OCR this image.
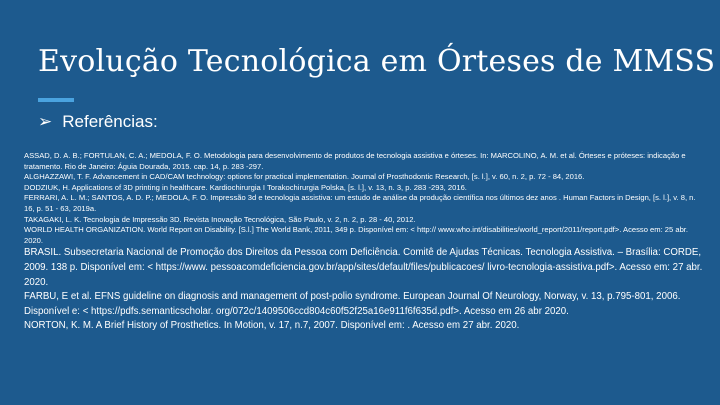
Evolução Tecnológica em Órteses de MMSS
➢ Referências:

ASSAD, D. A. B.; FORTULAN, C. A.; MEDOLA, F. O. Metodologia para desenvolvimento de produtos de tecnologia assistiva e órteses. In: MARCOLINO, A. M. et al. Órteses e próteses: indicação e tratamento. Rio de Janeiro: Águia Dourada, 2015. cap. 14, p. 283 -297.

ALGHAZZAWI, T. F. Advancement in CAD/CAM technology: options for practical implementation. Journal of Prosthodontic Research, [s. l.], v. 60, n. 2, p. 72 - 84, 2016.

DODZIUK, H. Applications of 3D printing in healthcare. Kardiochirurgia I Torakochirurgia Polska, [s. l.], v. 13, n. 3, p. 283 -293, 2016.

FERRARI, A. L. M.; SANTOS, A. D. P.; MEDOLA, F. O. Impressão 3d e tecnologia assistiva: um estudo de análise da produção científica nos últimos dez anos . Human Factors in Design, [s. l.], v. 8, n. 16, p. 51 - 63, 2019a.

TAKAGAKI, L. K. Tecnologia de Impressão 3D. Revista Inovação Tecnológica, São Paulo, v. 2, n. 2, p. 28 - 40, 2012.

WORLD HEALTH ORGANIZATION. World Report on Disability. [S.l.] The World Bank, 2011, 349 p. Disponível em: < http:// www.who.int/disabilities/world_report/2011/report.pdf>. Acesso em: 25 abr. 2020.

BRASIL. Subsecretaria Nacional de Promoção dos Direitos da Pessoa com Deficiência. Comitê de Ajudas Técnicas. Tecnologia Assistiva. – Brasília: CORDE, 2009. 138 p. Disponível em: < https://www. pessoacomdeficiencia.gov.br/app/sites/default/files/publicacoes/ livro-tecnologia-assistiva.pdf>. Acesso em: 27 abr. 2020.

FARBU, E et al. EFNS guideline on diagnosis and management of post-polio syndrome. European Journal Of Neurology, Norway, v. 13, p.795-801, 2006. Disponível e: < https://pdfs.semanticscholar. org/072c/1409506ccd804c60f52f25a16e911f6f635d.pdf>. Acesso em 26 abr 2020.

NORTON, K. M. A Brief History of Prosthetics. In Motion, v. 17, n.7, 2007. Disponível em: . Acesso em 27 abr. 2020.
